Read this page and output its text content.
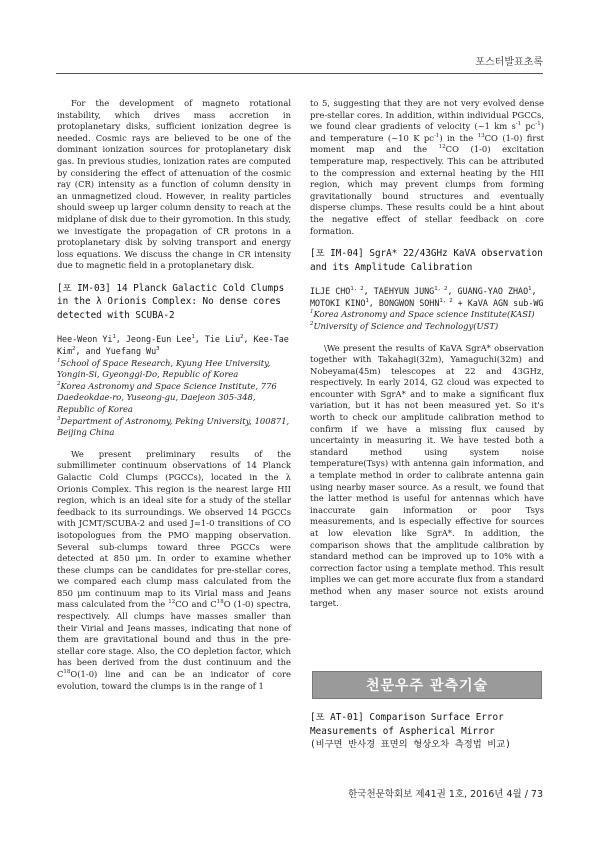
포스터발표초록

For the development of magneto rotational instability, which drives mass accretion in protoplanetary disks, sufficient ionization degree is needed. Cosmic rays are believed to be one of the dominant ionization sources for protoplanetary disk gas. In previous studies, ionization rates are computed by considering the effect of attenuation of the cosmic ray (CR) intensity as a function of column density in an unmagnetized cloud. However, in reality particles should sweep up larger column density to reach at the midplane of disk due to their gyromotion. In this study, we investigate the propagation of CR protons in a protoplanetary disk by solving transport and energy loss equations. We discuss the change in CR intensity due to magnetic field in a protoplanetary disk.

[포 IM-03] 14 Planck Galactic Cold Clumps in the λ Orionis Complex: No dense cores detected with SCUBA-2
Hee-Weon Yi$^1$, Jeong-Eun Lee$^1$, Tie Liu$^2$, Kee-Tae Kim$^2$, and Yuefang Wu$^3$
$^1$School of Space Research, Kyung Hee University, Yongin-Si, Gyeonggi-Do, Republic of Korea
$^2$Korea Astronomy and Space Science Institute, 776 Daedeokdae-ro, Yuseong-gu, Daejeon 305-348, Republic of Korea
$^3$Department of Astronomy, Peking University, 100871, Beijing China

We present preliminary results of the submillimeter continuum observations of 14 Planck Galactic Cold Clumps (PGCCs), located in the λ Orionis Complex. This region is the nearest large HII region, which is an ideal site for a study of the stellar feedback to its surroundings. We observed 14 PGCCs with JCMT/SCUBA-2 and used J=1-0 transitions of CO isotopologues from the PMO mapping observation. Several sub-clumps toward three PGCCs were detected at 850 μm. In order to examine whether these clumps can be candidates for pre-stellar cores, we compared each clump mass calculated from the 850 μm continuum map to its Virial mass and Jeans mass calculated from the $^{12}$CO and $C^{18}O$ (1-0) spectra, respectively. All clumps have masses smaller than their Virial and Jeans masses, indicating that none of them are gravitational bound and thus in the pre-stellar core stage. Also, the CO depletion factor, which has been derived from the dust continuum and the $C^{18}O(1-0)$ line and can be an indicator of core evolution, toward the clumps is in the range of 1

to 5, suggesting that they are not very evolved dense pre-stellar cores. In addition, within individual PGCCs, we found clear gradients of velocity (~1 km $s^{-1}$ $pc^{-1}$) and temperature (~10 K $pc^{-1}$) in the $^{13}$CO (1-0) first moment map and the $^{12}$CO (1-0) excitation temperature map, respectively. This can be attributed to the compression and external heating by the HII region, which may prevent clumps from forming gravitationally bound structures and eventually disperse clumps. These results could be a hint about the negative effect of stellar feedback on core formation.

[포 IM-04] SgrA* 22/43GHz KaVA observation and its Amplitude Calibration
ILJE CHO$^{1, 2}$, TAEHYUN JUNG$^{1, 2}$, GUANG-YAO ZHAO$^1$, MOTOKI KINO$^1$, BONGWON SOHN$^{1, 2}$ + KaVA AGN sub-WG
$^1$Korea Astronomy and Space science Institute(KASI)
$^2$University of Science and Technology(UST)

\We present the results of KaVA SgrA* observation together with Takahagi(32m), Yamaguchi(32m) and Nobeyama(45m) telescopes at 22 and 43GHz, respectively. In early 2014, G2 cloud was expected to encounter with SgrA* and to make a significant flux variation, but it has not been measured yet. So it's worth to check our amplitude calibration method to confirm if we have a missing flux caused by uncertainty in measuring it. We have tested both a standard method using system noise temperature(Tsys) with antenna gain information, and a template method in order to calibrate antenna gain using nearby maser source. As a result, we found that the latter method is useful for antennas which have inaccurate gain information or poor Tsys measurements, and is especially effective for sources at low elevation like SgrA*. In addition, the comparison shows that the amplitude calibration by standard method can be improved up to 10% with a correction factor using a template method. This result implies we can get more accurate flux from a standard method when any maser source not exists around target.

천문우주 관측기술
[포 AT-01] Comparison Surface Error
Measurements of Aspherical Mirror
(비구면 반사경 표면의 형상오차 측정법 비교)
한국천문학회보 제41권 1호, 2016년 4월 / 73
